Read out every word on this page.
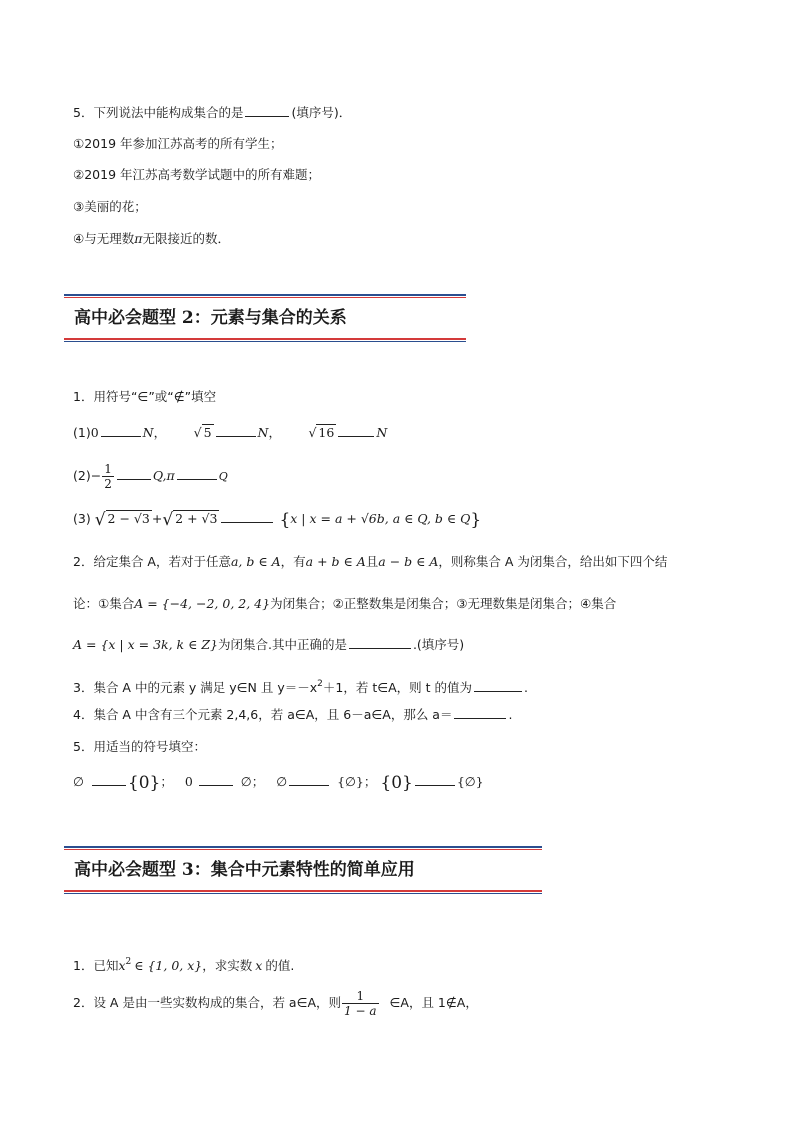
5．下列说法中能构成集合的是	(填序号)．
①2019 年参加江苏高考的所有学生；
②2019 年江苏高考数学试题中的所有难题；
③美丽的花；
④与无理数π无限接近的数．
高中必会题型 2：元素与集合的关系
1．用符号“∈”或“∉”填空
(1)0	N， √ 5	N， √ 16	N
$(2)- \frac{1}{2}$	Q,π	Q
(3) √ 2 − √3 +√ 2 + √3	{x | x = a + √6b, a ∈ Q, b ∈ Q}
2．给定集合 A，若对于任意a, b ∈ A，有a + b ∈ A且a − b ∈ A，则称集合 A 为闭集合，给出如下四个结
论：①集合A = {−4, −2, 0, 2, 4}为闭集合；②正整数集是闭集合；③无理数集是闭集合；④集合
A = {x | x = 3k, k ∈ Z}为闭集合.其中正确的是	.(填序号)
3．集合 A 中的元素 y 满足 y∈N 且 $y=-x^2+1$，若 t∈A，则 t 的值为	.
4．集合 A 中含有三个元素 2,4,6，若 a∈A，且 6－a∈A，那么 a＝	.
5．用适当的符号填空：
∅	{0}； 0	∅； ∅	{∅}； {0}	{∅}
高中必会题型 3：集合中元素特性的简单应用
1．已知$x^2$ ∈ {1, 0, x}，求实数 x 的值.
2．设 A 是由一些实数构成的集合，若 a∈A，则 $\frac{1}{1 - a}$ ∈A，且 1∉A，
